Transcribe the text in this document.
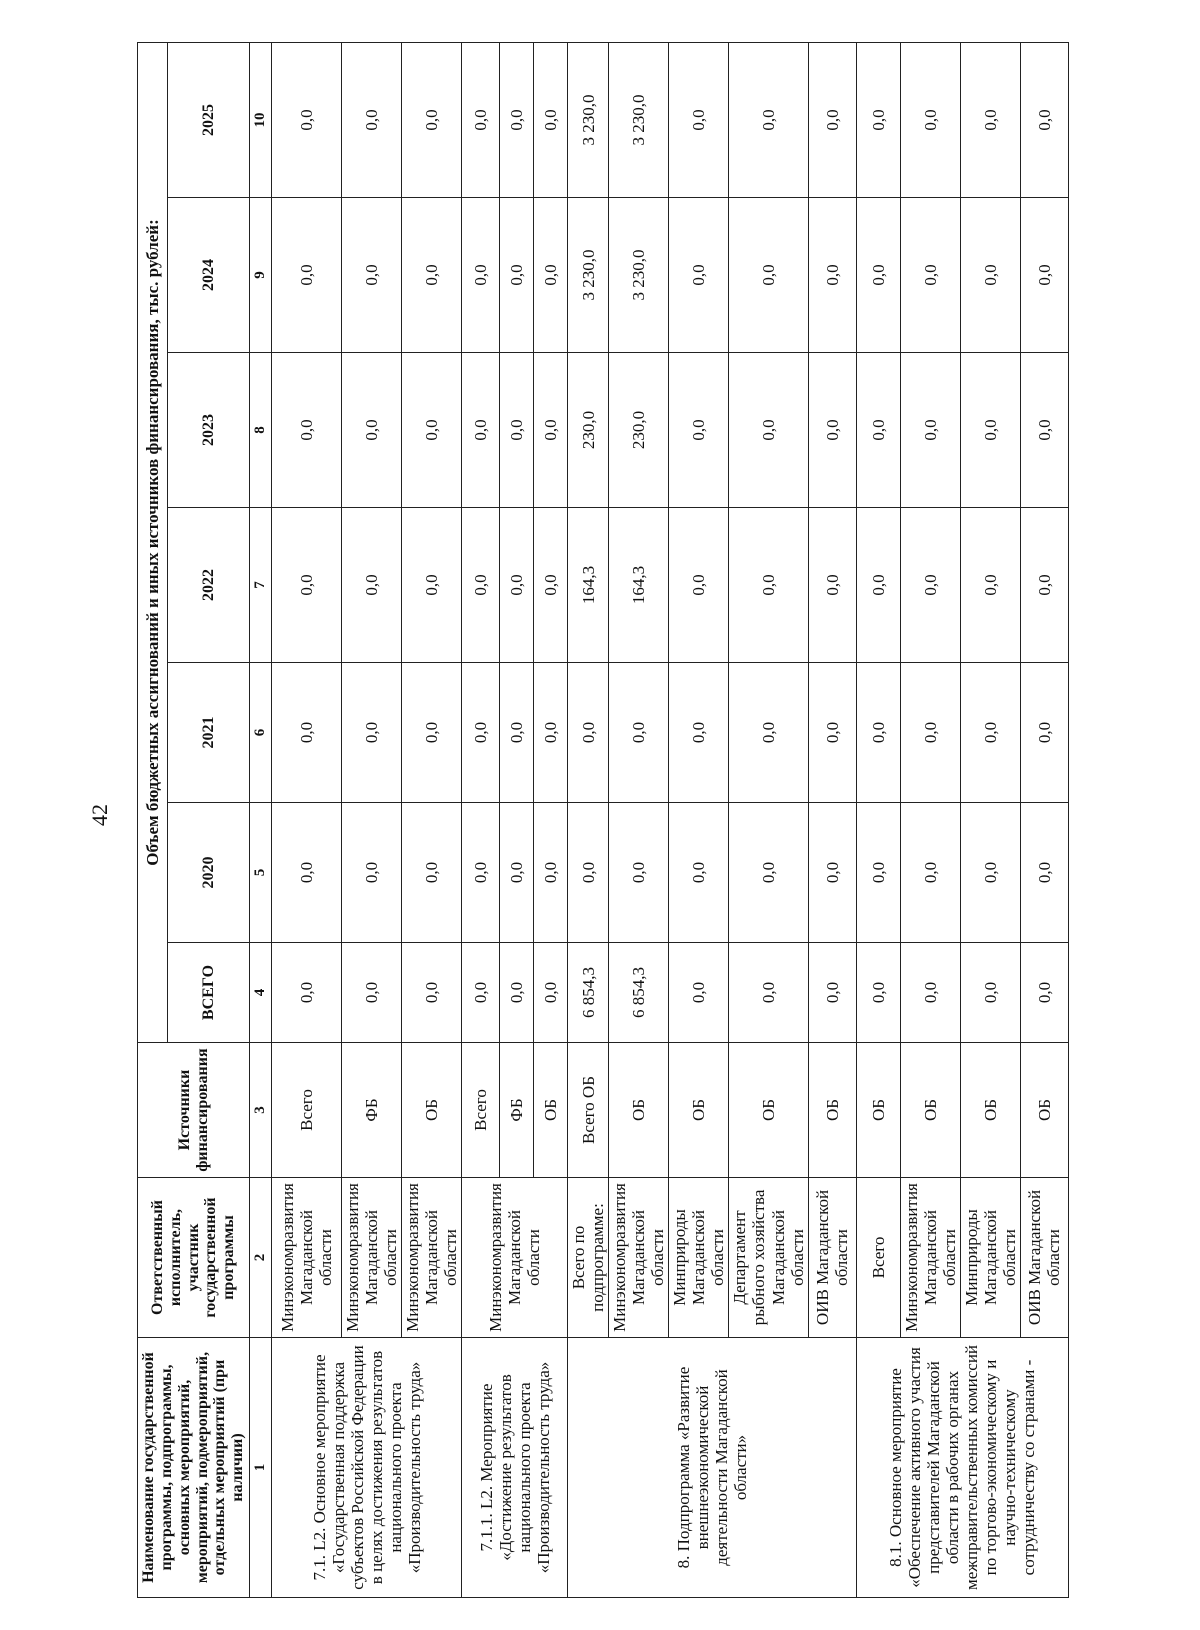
42
Наименование государственной программы, подпрограммы, основных мероприятий, мероприятий, подмероприятий, отдельных мероприятий (при наличии)	Ответственный исполнитель, участник государственной программы	Источники финансирования	Объем бюджетных ассигнований и иных источников финансирования, тыс. рублей:						
			ВСЕГО	2020	2021	2022	2023	2024	2025
1	2	3	4	5	6	7	8	9	10
7.1. L2. Основное мероприятие «Государственная поддержка субъектов Российской Федерации в целях достижения результатов национального проекта «Производительность труда»	Минэкономразвития Магаданской области	Всего	0,0	0,0	0,0	0,0	0,0	0,0	0,0
	Минэкономразвития Магаданской области	ФБ	0,0	0,0	0,0	0,0	0,0	0,0	0,0
	Минэкономразвития Магаданской области	ОБ	0,0	0,0	0,0	0,0	0,0	0,0	0,0
7.1.1. L2. Мероприятие «Достижение результатов национального проекта «Производительность труда»	Минэкономразвития Магаданской области	Всего	0,0	0,0	0,0	0,0	0,0	0,0	0,0
		ФБ	0,0	0,0	0,0	0,0	0,0	0,0	0,0
		ОБ	0,0	0,0	0,0	0,0	0,0	0,0	0,0
8. Подпрограмма «Развитие внешнеэкономической деятельности Магаданской области»	Всего по подпрограмме:	Всего ОБ	6 854,3	0,0	0,0	164,3	230,0	3 230,0	3 230,0
	Минэкономразвития Магаданской области	ОБ	6 854,3	0,0	0,0	164,3	230,0	3 230,0	3 230,0
	Минприроды Магаданской области	ОБ	0,0	0,0	0,0	0,0	0,0	0,0	0,0
	Департамент рыбного хозяйства Магаданской области	ОБ	0,0	0,0	0,0	0,0	0,0	0,0	0,0
	ОИВ Магаданской области	ОБ	0,0	0,0	0,0	0,0	0,0	0,0	0,0
8.1. Основное мероприятие «Обеспечение активного участия представителей Магаданской области в рабочих органах межправительственных комиссий по торгово-экономическому и научно-техническому сотрудничеству со странами -	Всего	ОБ	0,0	0,0	0,0	0,0	0,0	0,0	0,0
	Минэкономразвития Магаданской области	ОБ	0,0	0,0	0,0	0,0	0,0	0,0	0,0
	Минприроды Магаданской области	ОБ	0,0	0,0	0,0	0,0	0,0	0,0	0,0
	ОИВ Магаданской области	ОБ	0,0	0,0	0,0	0,0	0,0	0,0	0,0
